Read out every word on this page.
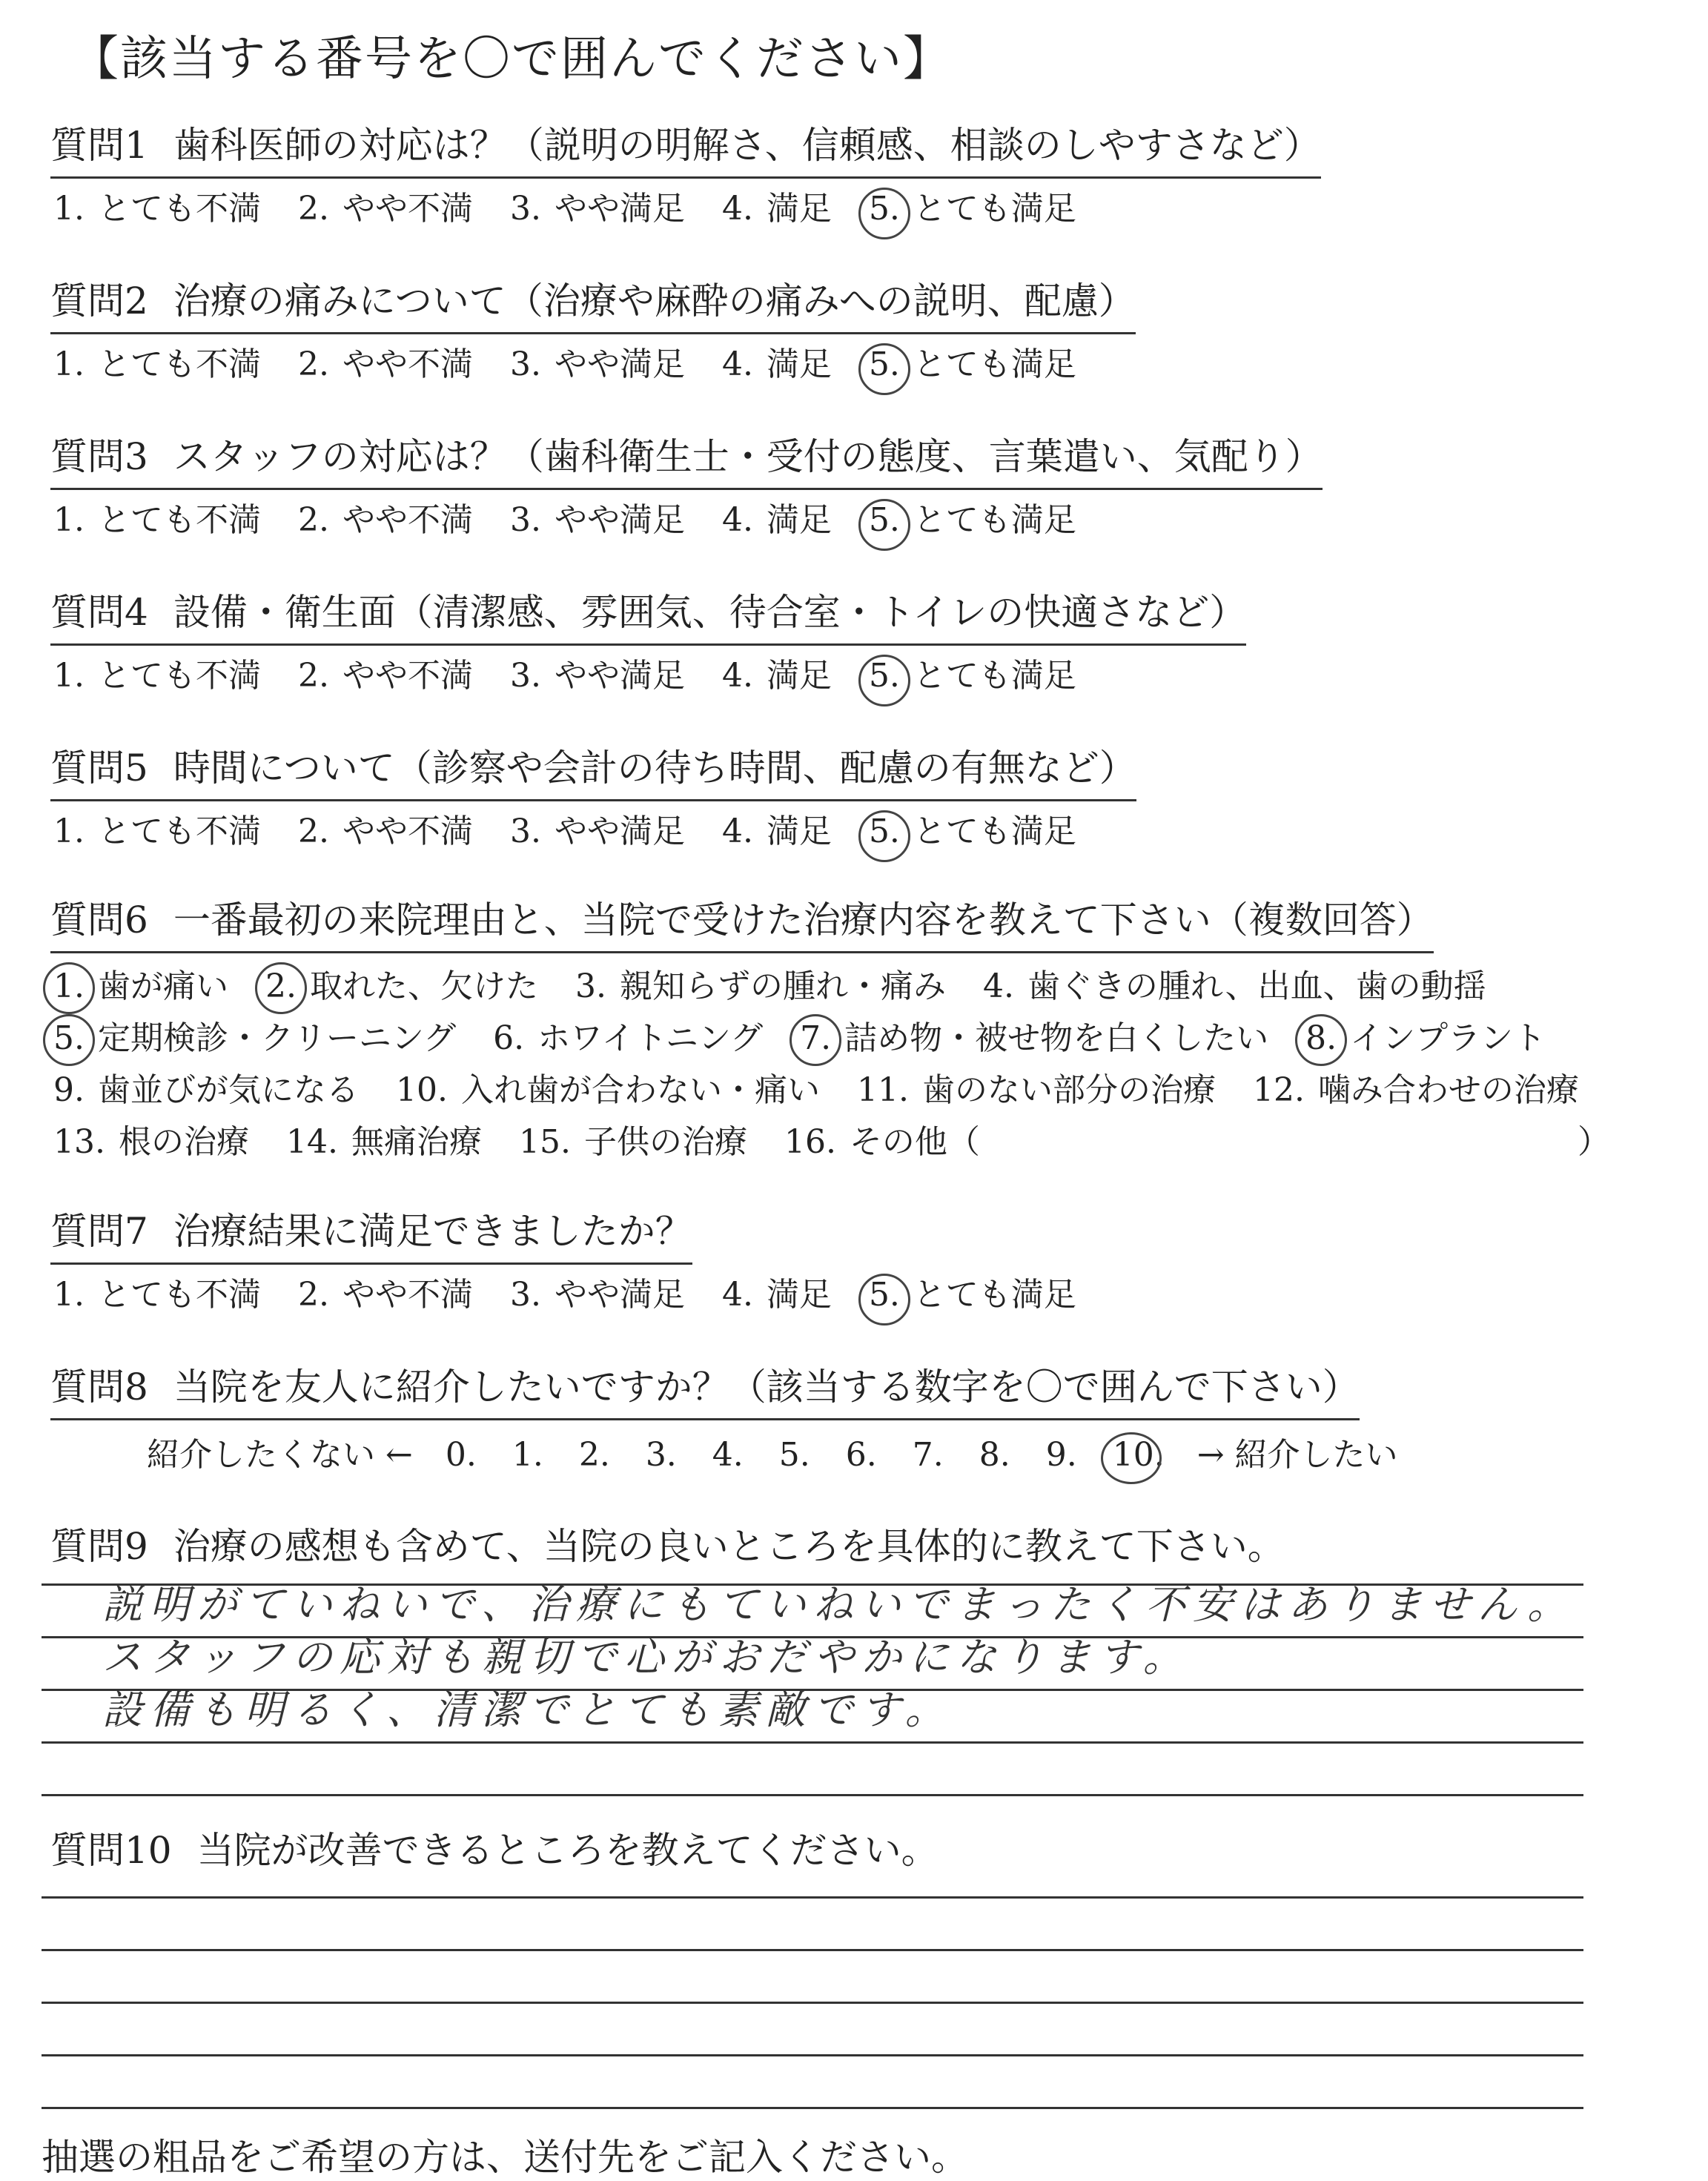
【該当する番号を〇で囲んでください】
質問1 歯科医師の対応は？（説明の明解さ、信頼感、相談のしやすさなど）
1. とても不満 2. やや不満 3. やや満足 4. 満足 5. とても満足
質問2 治療の痛みについて（治療や麻酔の痛みへの説明、配慮）
1. とても不満 2. やや不満 3. やや満足 4. 満足 5. とても満足
質問3 スタッフの対応は？（歯科衛生士・受付の態度、言葉遣い、気配り）
1. とても不満 2. やや不満 3. やや満足 4. 満足 5. とても満足
質問4 設備・衛生面（清潔感、雰囲気、待合室・トイレの快適さなど）
1. とても不満 2. やや不満 3. やや満足 4. 満足 5. とても満足
質問5 時間について（診察や会計の待ち時間、配慮の有無など）
1. とても不満 2. やや不満 3. やや満足 4. 満足 5. とても満足
質問6 一番最初の来院理由と、当院で受けた治療内容を教えて下さい（複数回答）
1. 歯が痛い 2. 取れた、欠けた 3. 親知らずの腫れ・痛み 4. 歯ぐきの腫れ、出血、歯の動揺
5. 定期検診・クリーニング 6. ホワイトニング 7. 詰め物・被せ物を白くしたい 8. インプラント
9. 歯並びが気になる 10. 入れ歯が合わない・痛い 11. 歯のない部分の治療 12. 噛み合わせの治療
13. 根の治療 14. 無痛治療 15. 子供の治療 16. その他（	）
質問7 治療結果に満足できましたか？
1. とても不満 2. やや不満 3. やや満足 4. 満足 5. とても満足
質問8 当院を友人に紹介したいですか？（該当する数字を〇で囲んで下さい）
紹介したくない ← 0. 1. 2. 3. 4. 5. 6. 7. 8. 9. 10. → 紹介したい
質問9 治療の感想も含めて、当院の良いところを具体的に教えて下さい。
説明がていねいで、治療にもていねいでまったく不安はありません。
スタッフの応対も親切で心がおだやかになります。
設備も明るく、清潔でとても素敵です。
質問10 当院が改善できるところを教えてください。
抽選の粗品をご希望の方は、送付先をご記入ください。
